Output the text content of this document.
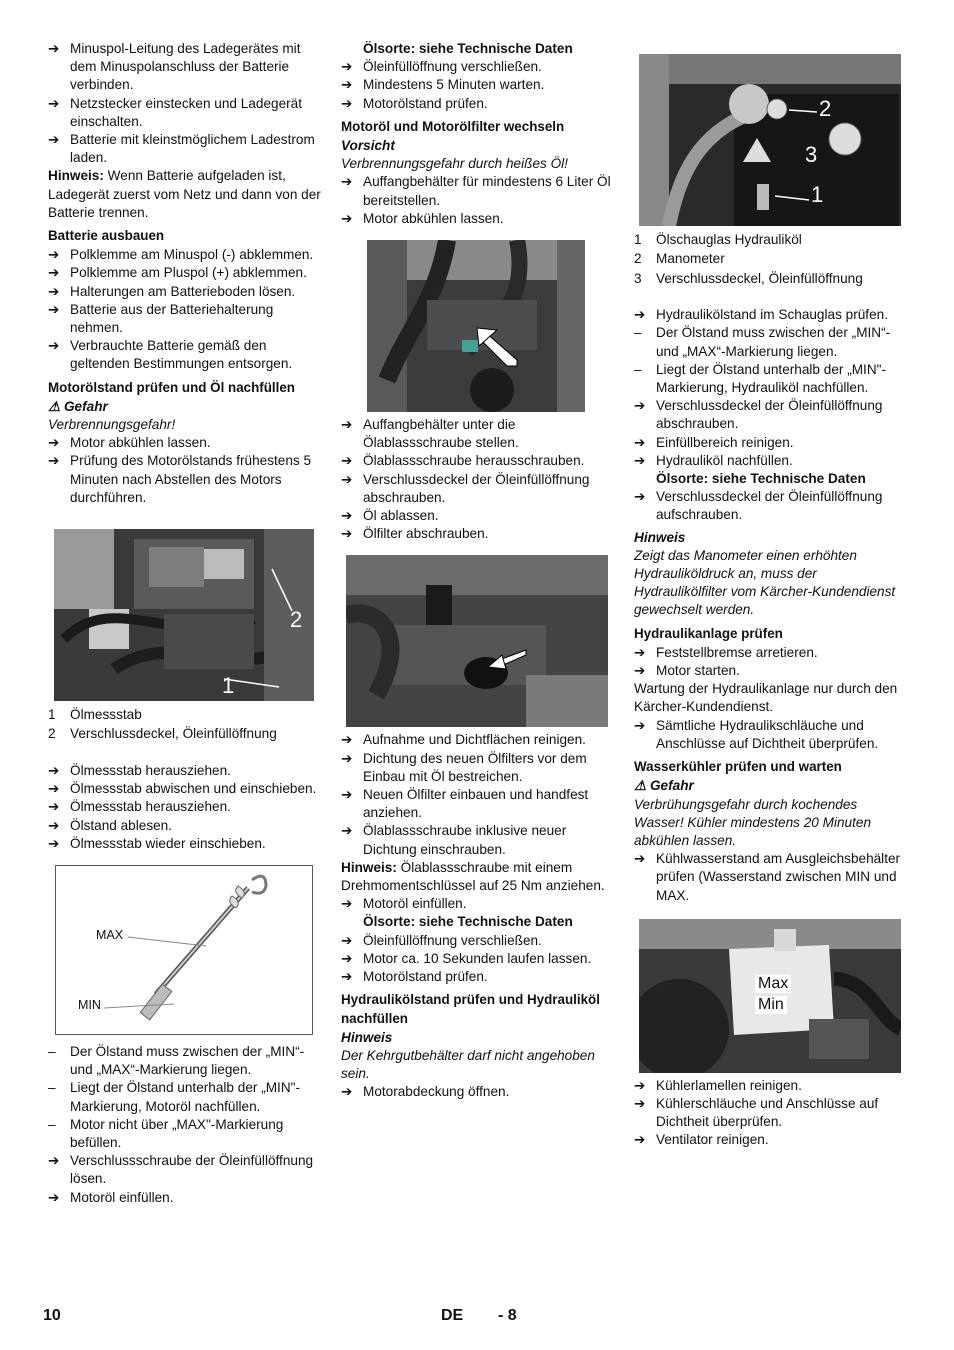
➔ Minuspol-Leitung des Ladegerätes mit dem Minuspolanschluss der Batterie verbinden.
➔ Netzstecker einstecken und Ladegerät einschalten.
➔ Batterie mit kleinstmöglichem Ladestrom laden.

Hinweis: Wenn Batterie aufgeladen ist, Ladegerät zuerst vom Netz und dann von der Batterie trennen.

Batterie ausbauen
➔ Polklemme am Minuspol (-) abklemmen.
➔ Polklemme am Pluspol (+) abklemmen.
➔ Halterungen am Batterieboden lösen.
➔ Batterie aus der Batteriehalterung nehmen.
➔ Verbrauchte Batterie gemäß den geltenden Bestimmungen entsorgen.
Motorölstand prüfen und Öl nachfüllen
⚠ Gefahr
Verbrennungsgefahr!
➔ Motor abkühlen lassen.
➔ Prüfung des Motorölstands frühestens 5 Minuten nach Abstellen des Motors durchführen.
2
1
1	Ölmessstab
2	Verschlussdeckel, Öleinfüllöffnung
➔ Ölmessstab herausziehen.
➔ Ölmessstab abwischen und einschieben.
➔ Ölmessstab herausziehen.
➔ Ölstand ablesen.
➔ Ölmessstab wieder einschieben.
MAX
MIN
–	Der Ölstand muss zwischen der „MIN“- und „MAX“-Markierung liegen.
–	Liegt der Ölstand unterhalb der „MIN"-Markierung, Motoröl nachfüllen.
–	Motor nicht über „MAX"-Markierung befüllen.
➔ Verschlussschraube der Öleinfüllöffnung lösen.
➔ Motoröl einfüllen.
Ölsorte: siehe Technische Daten
➔ Öleinfüllöffnung verschließen.
➔ Mindestens 5 Minuten warten.
➔ Motorölstand prüfen.
Motoröl und Motorölfilter wechseln
Vorsicht
Verbrennungsgefahr durch heißes Öl!
➔ Auffangbehälter für mindestens 6 Liter Öl bereitstellen.
➔ Motor abkühlen lassen.
➔ Auffangbehälter unter die Ölablassschraube stellen.
➔ Ölablassschraube herausschrauben.
➔ Verschlussdeckel der Öleinfüllöffnung abschrauben.
➔ Öl ablassen.
➔ Ölfilter abschrauben.
➔ Aufnahme und Dichtflächen reinigen.
➔ Dichtung des neuen Ölfilters vor dem Einbau mit Öl bestreichen.
➔ Neuen Ölfilter einbauen und handfest anziehen.
➔ Ölablassschraube inklusive neuer Dichtung einschrauben.

Hinweis: Ölablassschraube mit einem Drehmomentschlüssel auf 25 Nm anziehen.

➔ Motoröl einfüllen.
Ölsorte: siehe Technische Daten
➔ Öleinfüllöffnung verschließen.
➔ Motor ca. 10 Sekunden laufen lassen.
➔ Motorölstand prüfen.
Hydraulikölstand prüfen und Hydrauliköl nachfüllen
Hinweis
Der Kehrgutbehälter darf nicht angehoben sein.
➔ Motorabdeckung öffnen.
2
3
1
1	Ölschauglas Hydrauliköl
2	Manometer
3	Verschlussdeckel, Öleinfüllöffnung
➔ Hydraulikölstand im Schauglas prüfen.
–	Der Ölstand muss zwischen der „MIN“- und „MAX“-Markierung liegen.
–	Liegt der Ölstand unterhalb der „MIN"-Markierung, Hydrauliköl nachfüllen.
➔ Verschlussdeckel der Öleinfüllöffnung abschrauben.
➔ Einfüllbereich reinigen.
➔ Hydrauliköl nachfüllen.
Ölsorte: siehe Technische Daten
➔ Verschlussdeckel der Öleinfüllöffnung aufschrauben.
Hinweis
Zeigt das Manometer einen erhöhten Hydrauliköldruck an, muss der Hydraulikölfilter vom Kärcher-Kundendienst gewechselt werden.
Hydraulikanlage prüfen
➔ Feststellbremse arretieren.
➔ Motor starten.

Wartung der Hydraulikanlage nur durch den Kärcher-Kundendienst.

➔ Sämtliche Hydraulikschläuche und Anschlüsse auf Dichtheit überprüfen.
Wasserkühler prüfen und warten
⚠ Gefahr
Verbrühungsgefahr durch kochendes Wasser! Kühler mindestens 20 Minuten abkühlen lassen.
➔ Kühlwasserstand am Ausgleichsbehälter prüfen (Wasserstand zwischen MIN und MAX.
Max
Min
➔ Kühlerlamellen reinigen.
➔ Kühlerschläuche und Anschlüsse auf Dichtheit überprüfen.
➔ Ventilator reinigen.
10	DE - 8
